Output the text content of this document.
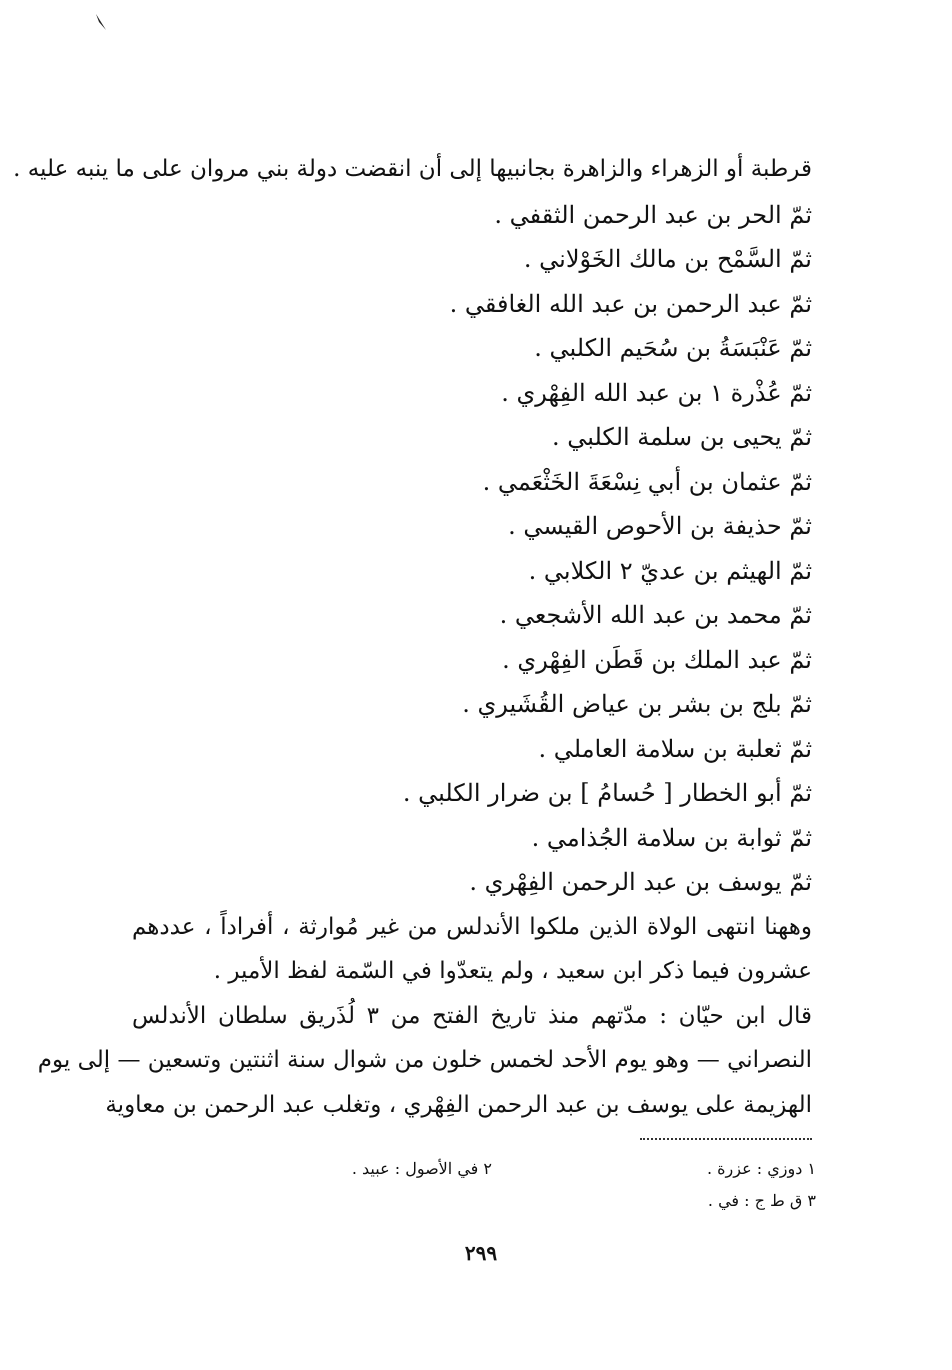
قرطبة أو الزهراء والزاهرة بجانبيها إلى أن انقضت دولة بني مروان على ما ينبه عليه .
ثمّ الحر بن عبد الرحمن الثقفي .
ثمّ السَّمْح بن مالك الخَوْلاني .
ثمّ عبد الرحمن بن عبد الله الغافقي .
ثمّ عَنْبَسَةُ بن سُحَيم الكلبي .
ثمّ عُذْرة ١ بن عبد الله الفِهْري .
ثمّ يحيى بن سلمة الكلبي .
ثمّ عثمان بن أبي نِسْعَةَ الخَثْعَمي .
ثمّ حذيفة بن الأحوص القيسي .
ثمّ الهيثم بن عديّ ٢ الكلابي .
ثمّ محمد بن عبد الله الأشجعي .
ثمّ عبد الملك بن قَطَن الفِهْري .
ثمّ بلج بن بشر بن عياض القُشَيري .
ثمّ ثعلبة بن سلامة العاملي .
ثمّ أبو الخطار [ حُسامُ ] بن ضرار الكلبي .
ثمّ ثوابة بن سلامة الجُذامي .
ثمّ يوسف بن عبد الرحمن الفِهْري .
وههنا انتهى الولاة الذين ملكوا الأندلس من غير مُوارثة ، أفراداً ، عددهم
عشرون فيما ذكر ابن سعيد ، ولم يتعدّوا في السّمة لفظ الأمير .
قال ابن حيّان : مدّتهم منذ تاريخ الفتح من ٣ لُذَريق سلطان الأندلس
النصراني — وهو يوم الأحد لخمس خلون من شوال سنة اثنتين وتسعين — إلى يوم
الهزيمة على يوسف بن عبد الرحمن الفِهْري ، وتغلب عبد الرحمن بن معاوية
١ دوزي : عزرة .
٢ في الأصول : عبيد .
٣ ق ط ج : في .
٢٩٩
